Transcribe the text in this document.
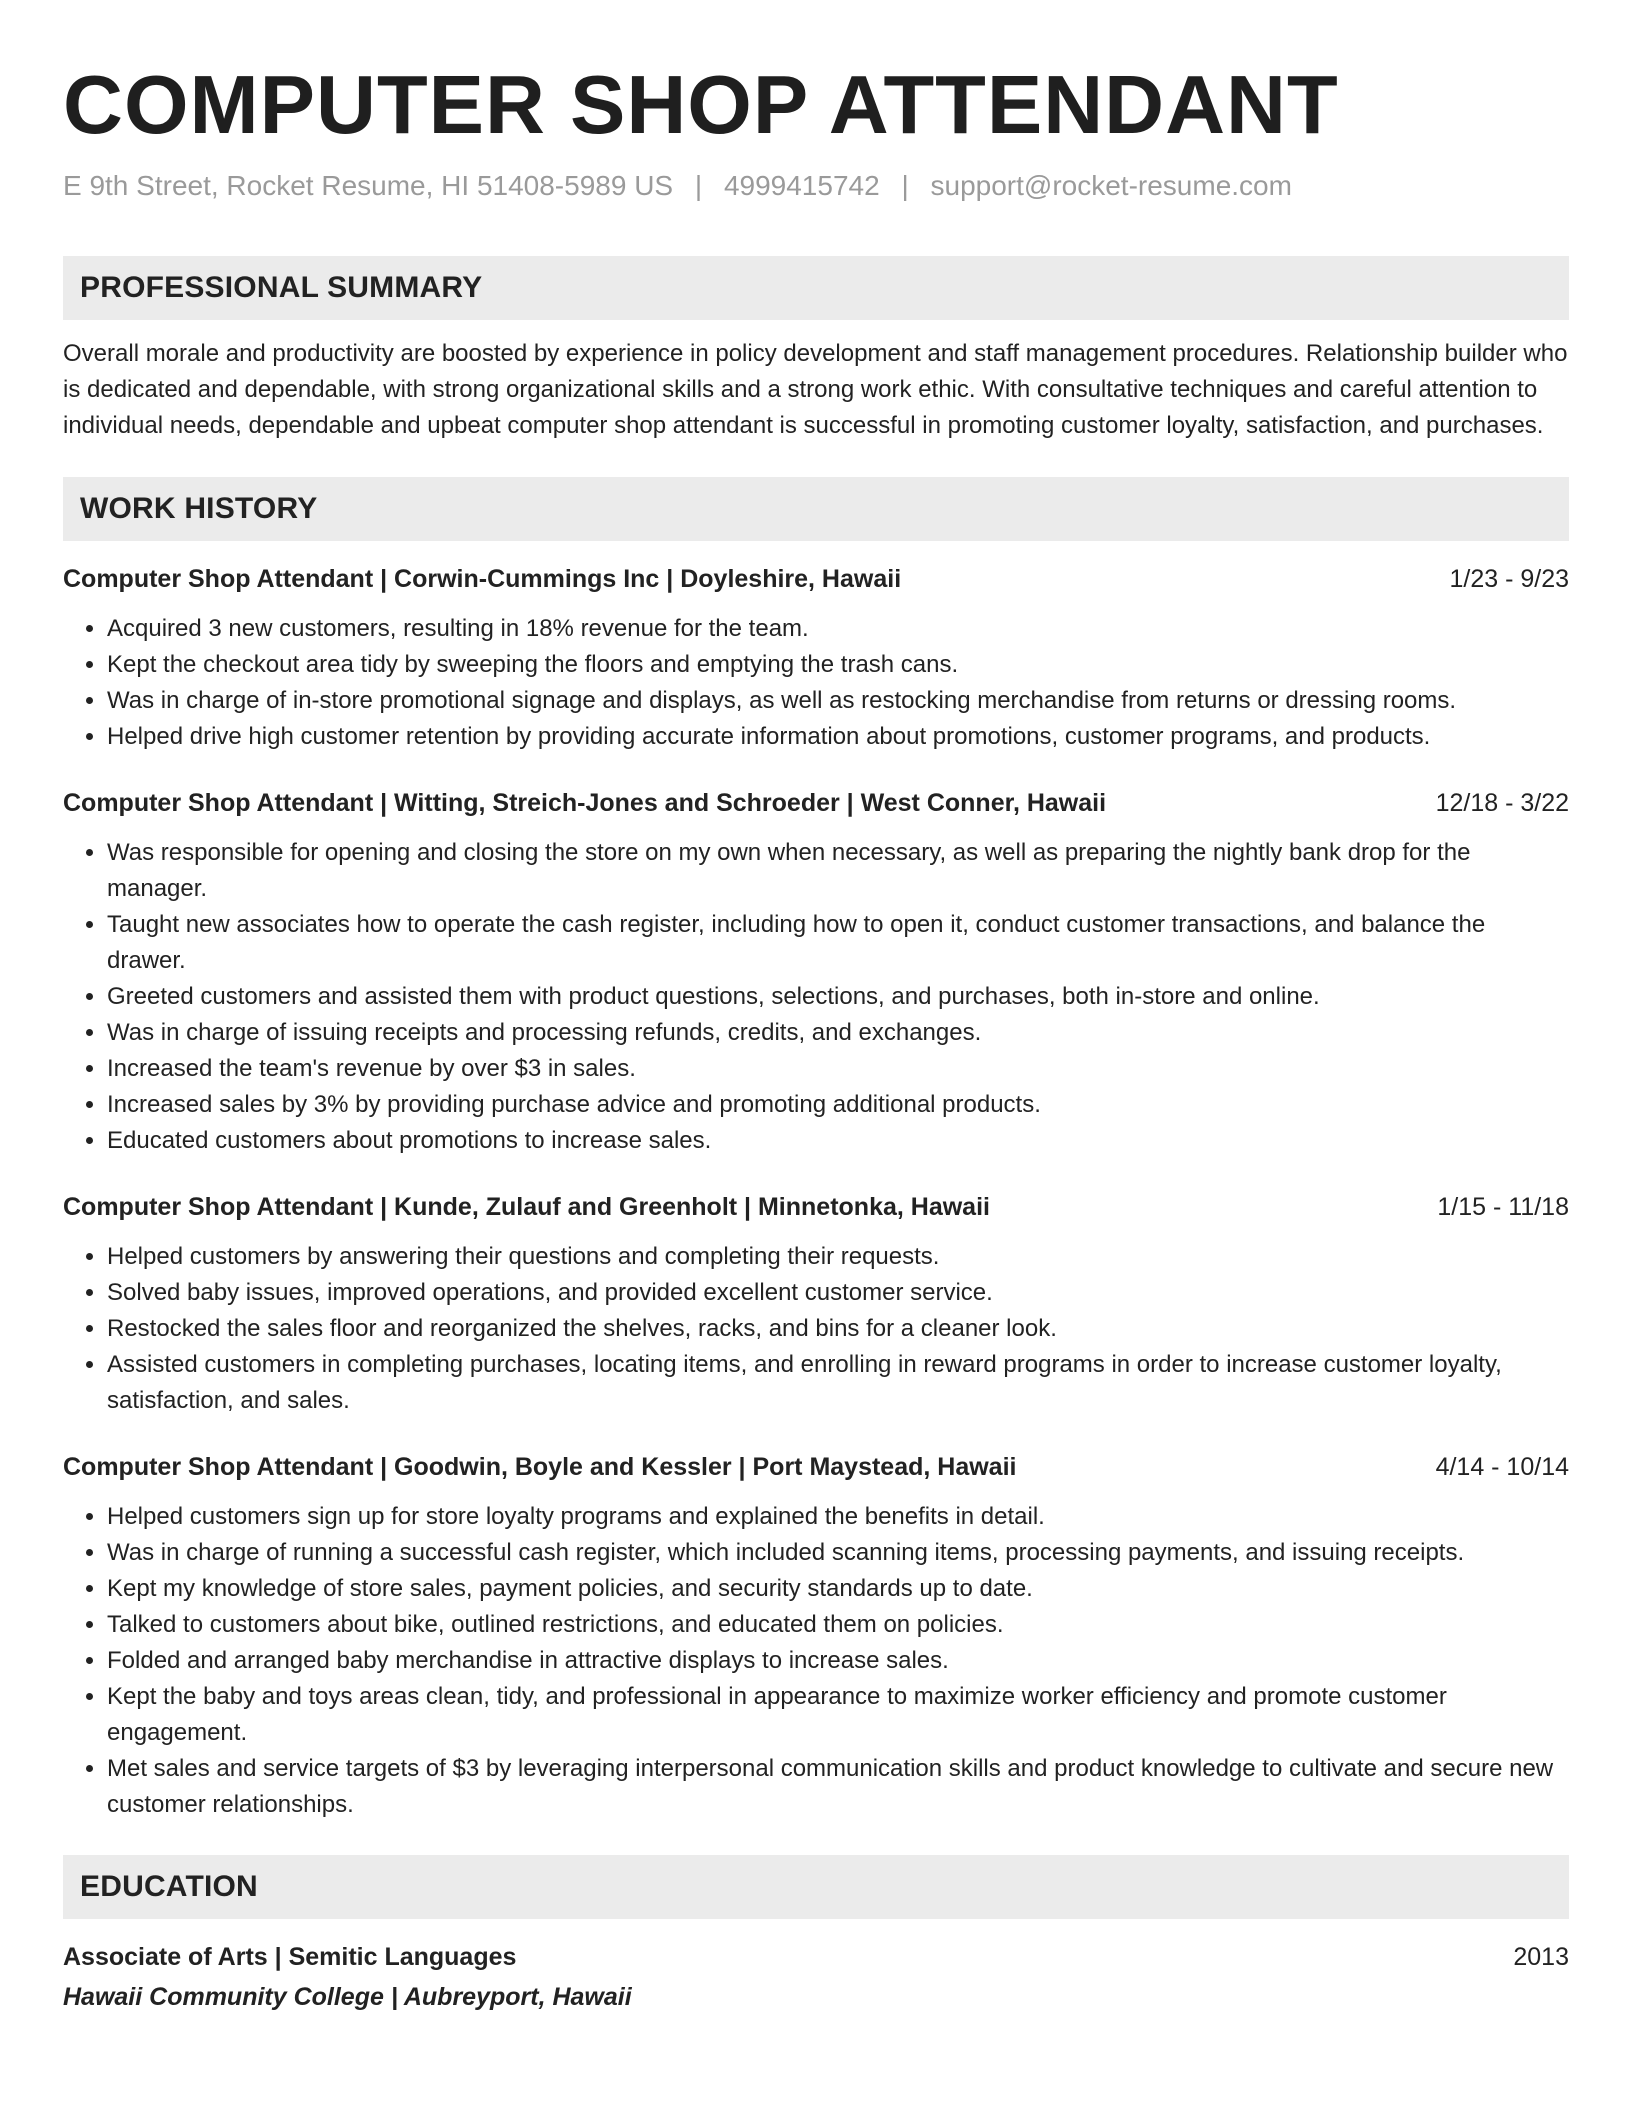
COMPUTER SHOP ATTENDANT
E 9th Street, Rocket Resume, HI 51408-5989 US | 4999415742 | support@rocket-resume.com
PROFESSIONAL SUMMARY

Overall morale and productivity are boosted by experience in policy development and staff management procedures. Relationship builder who is dedicated and dependable, with strong organizational skills and a strong work ethic. With consultative techniques and careful attention to individual needs, dependable and upbeat computer shop attendant is successful in promoting customer loyalty, satisfaction, and purchases.

WORK HISTORY
Computer Shop Attendant | Corwin-Cummings Inc | Doyleshire, Hawaii	1/23 - 9/23
• Acquired 3 new customers, resulting in 18% revenue for the team.
• Kept the checkout area tidy by sweeping the floors and emptying the trash cans.
• Was in charge of in-store promotional signage and displays, as well as restocking merchandise from returns or dressing rooms.
• Helped drive high customer retention by providing accurate information about promotions, customer programs, and products.
Computer Shop Attendant | Witting, Streich-Jones and Schroeder | West Conner, Hawaii	12/18 - 3/22
• Was responsible for opening and closing the store on my own when necessary, as well as preparing the nightly bank drop for the manager.
• Taught new associates how to operate the cash register, including how to open it, conduct customer transactions, and balance the drawer.
• Greeted customers and assisted them with product questions, selections, and purchases, both in-store and online.
• Was in charge of issuing receipts and processing refunds, credits, and exchanges.
• Increased the team's revenue by over $3 in sales.
• Increased sales by 3% by providing purchase advice and promoting additional products.
• Educated customers about promotions to increase sales.
Computer Shop Attendant | Kunde, Zulauf and Greenholt | Minnetonka, Hawaii	1/15 - 11/18
• Helped customers by answering their questions and completing their requests.
• Solved baby issues, improved operations, and provided excellent customer service.
• Restocked the sales floor and reorganized the shelves, racks, and bins for a cleaner look.
• Assisted customers in completing purchases, locating items, and enrolling in reward programs in order to increase customer loyalty, satisfaction, and sales.
Computer Shop Attendant | Goodwin, Boyle and Kessler | Port Maystead, Hawaii	4/14 - 10/14
• Helped customers sign up for store loyalty programs and explained the benefits in detail.
• Was in charge of running a successful cash register, which included scanning items, processing payments, and issuing receipts.
• Kept my knowledge of store sales, payment policies, and security standards up to date.
• Talked to customers about bike, outlined restrictions, and educated them on policies.
• Folded and arranged baby merchandise in attractive displays to increase sales.
• Kept the baby and toys areas clean, tidy, and professional in appearance to maximize worker efficiency and promote customer engagement.
• Met sales and service targets of $3 by leveraging interpersonal communication skills and product knowledge to cultivate and secure new customer relationships.
EDUCATION
Associate of Arts | Semitic Languages	2013
Hawaii Community College | Aubreyport, Hawaii
